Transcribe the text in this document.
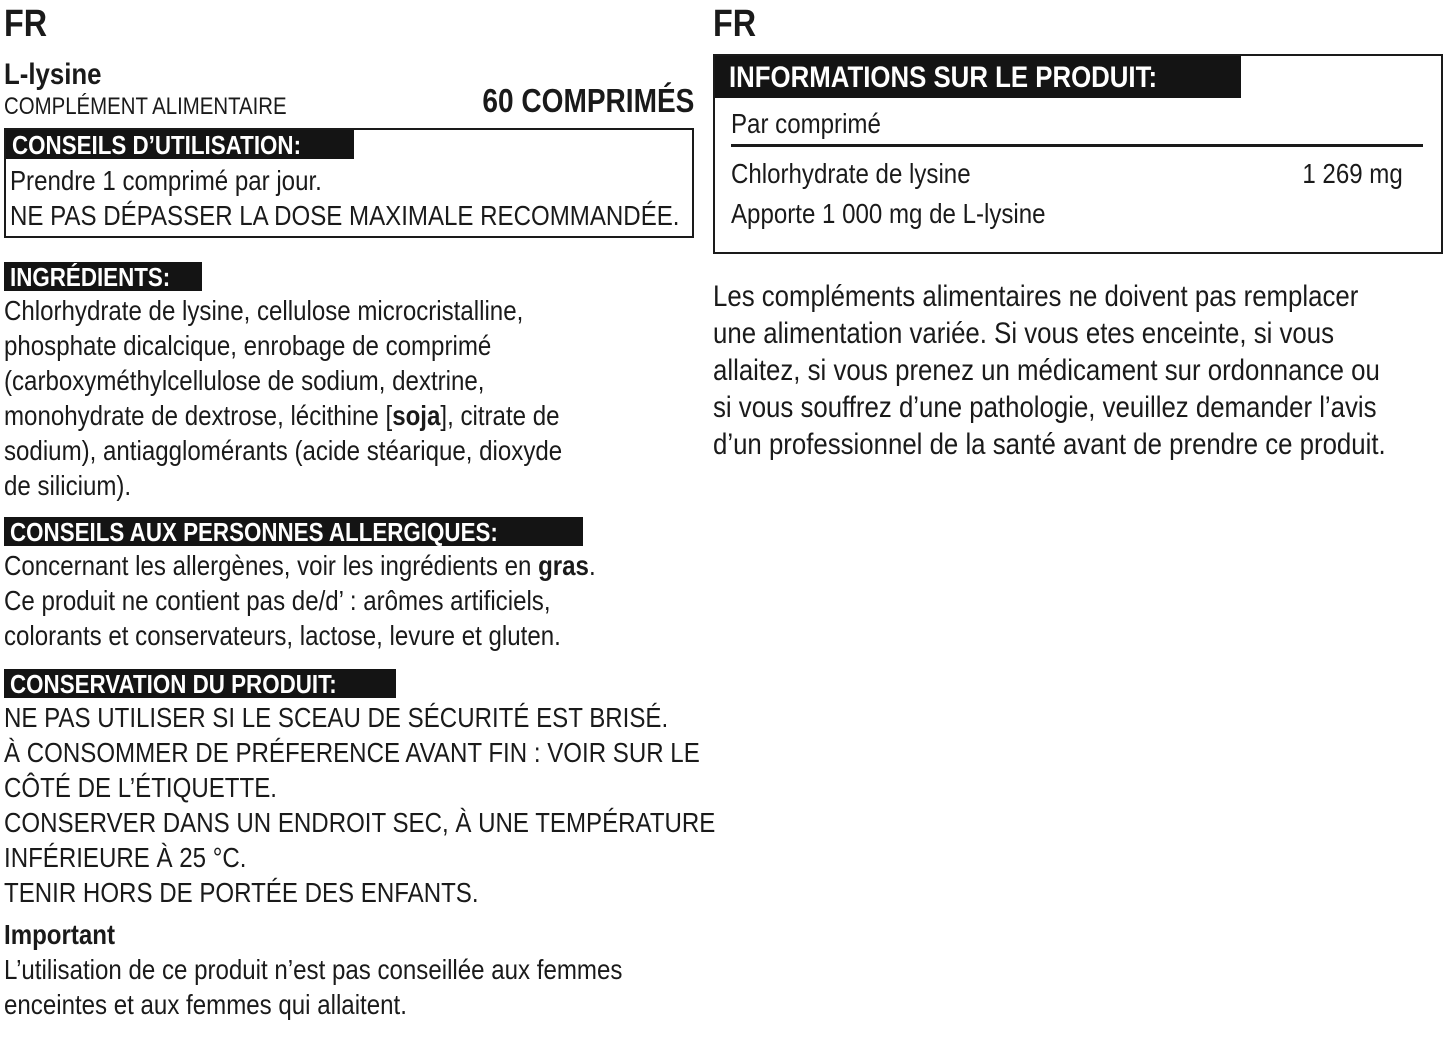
FR
L-lysine
COMPLÉMENT ALIMENTAIRE	60 COMPRIMÉS
CONSEILS D’UTILISATION:
Prendre 1 comprimé par jour.
NE PAS DÉPASSER LA DOSE MAXIMALE RECOMMANDÉE.
INGRÉDIENTS:
Chlorhydrate de lysine, cellulose microcristalline,
phosphate dicalcique, enrobage de comprimé
(carboxyméthylcellulose de sodium, dextrine,
monohydrate de dextrose, lécithine [soja], citrate de
sodium), antiagglomérants (acide stéarique, dioxyde
de silicium).
CONSEILS AUX PERSONNES ALLERGIQUES:
Concernant les allergènes, voir les ingrédients en gras.
Ce produit ne contient pas de/d’ : arômes artificiels,
colorants et conservateurs, lactose, levure et gluten.
CONSERVATION DU PRODUIT:
NE PAS UTILISER SI LE SCEAU DE SÉCURITÉ EST BRISÉ.
À CONSOMMER DE PRÉFERENCE AVANT FIN : VOIR SUR LE
CÔTÉ DE L’ÉTIQUETTE.
CONSERVER DANS UN ENDROIT SEC, À UNE TEMPÉRATURE
INFÉRIEURE À 25 °C.
TENIR HORS DE PORTÉE DES ENFANTS.
Important
L’utilisation de ce produit n’est pas conseillée aux femmes
enceintes et aux femmes qui allaitent.
FR
INFORMATIONS SUR LE PRODUIT:
Par comprimé
Chlorhydrate de lysine	1 269 mg
Apporte 1 000 mg de L-lysine
Les compléments alimentaires ne doivent pas remplacer
une alimentation variée. Si vous etes enceinte, si vous
allaitez, si vous prenez un médicament sur ordonnance ou
si vous souffrez d’une pathologie, veuillez demander l’avis
d’un professionnel de la santé avant de prendre ce produit.
